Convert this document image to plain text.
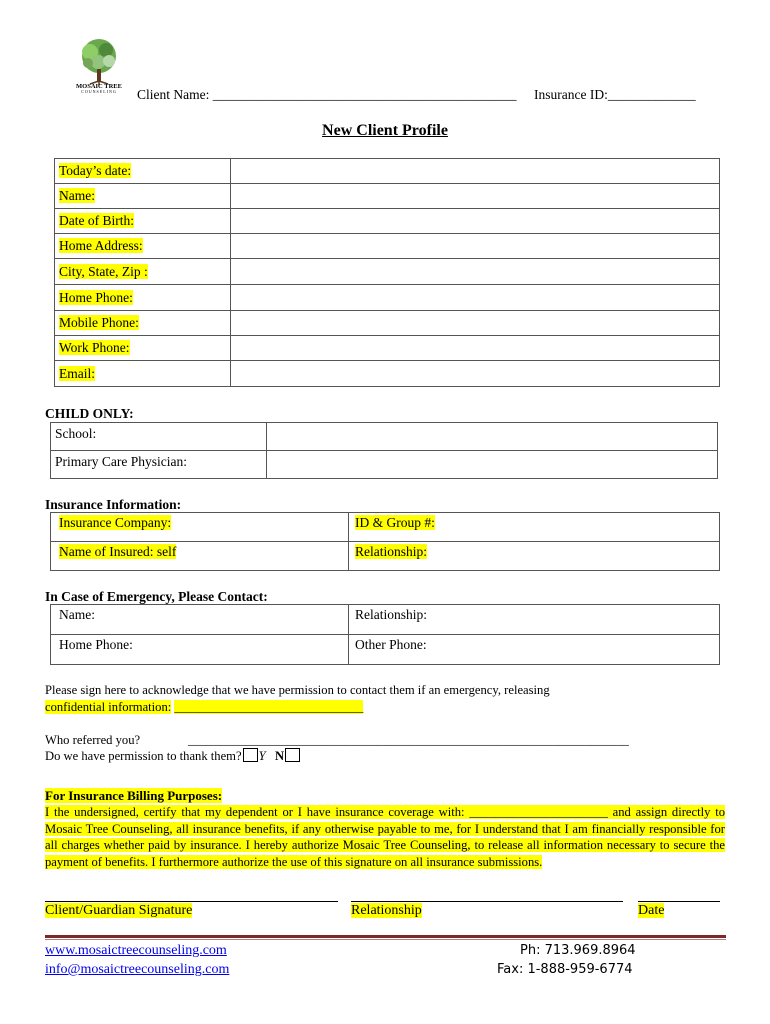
MOSAIC TREE
COUNSELING	Client Name: _____________________________________________ Insurance ID:_____________
New Client Profile
Today’s date:	
Name:	
Date of Birth:	
Home Address:	
City, State, Zip :	
Home Phone:	
Mobile Phone:	
Work Phone:	
Email:	
CHILD ONLY:
School:	
Primary Care Physician:	
Insurance Information:
Insurance Company:	ID & Group #:
Name of Insured: self	Relationship:
In Case of Emergency, Please Contact:
Name:	Relationship:
Home Phone:	Other Phone:
Please sign here to acknowledge that we have permission to contact them if an emergency, releasing
confidential information: ______________________________
Who referred you?	______________________________________________________________________
Do we have permission to thank them? Y N
For Insurance Billing Purposes:
I the undersigned, certify that my dependent or I have insurance coverage with: ______________________ and assign directly to Mosaic Tree Counseling, all insurance benefits, if any otherwise payable to me, for I understand that I am financially responsible for all charges whether paid by insurance. I hereby authorize Mosaic Tree Counseling, to release all information necessary to secure the payment of benefits. I furthermore authorize the use of this signature on all insurance submissions.
Client/Guardian Signature	Relationship	Date
www.mosaictreecounseling.com
info@mosaictreecounseling.com
Ph: 713.969.8964
Fax: 1-888-959-6774
